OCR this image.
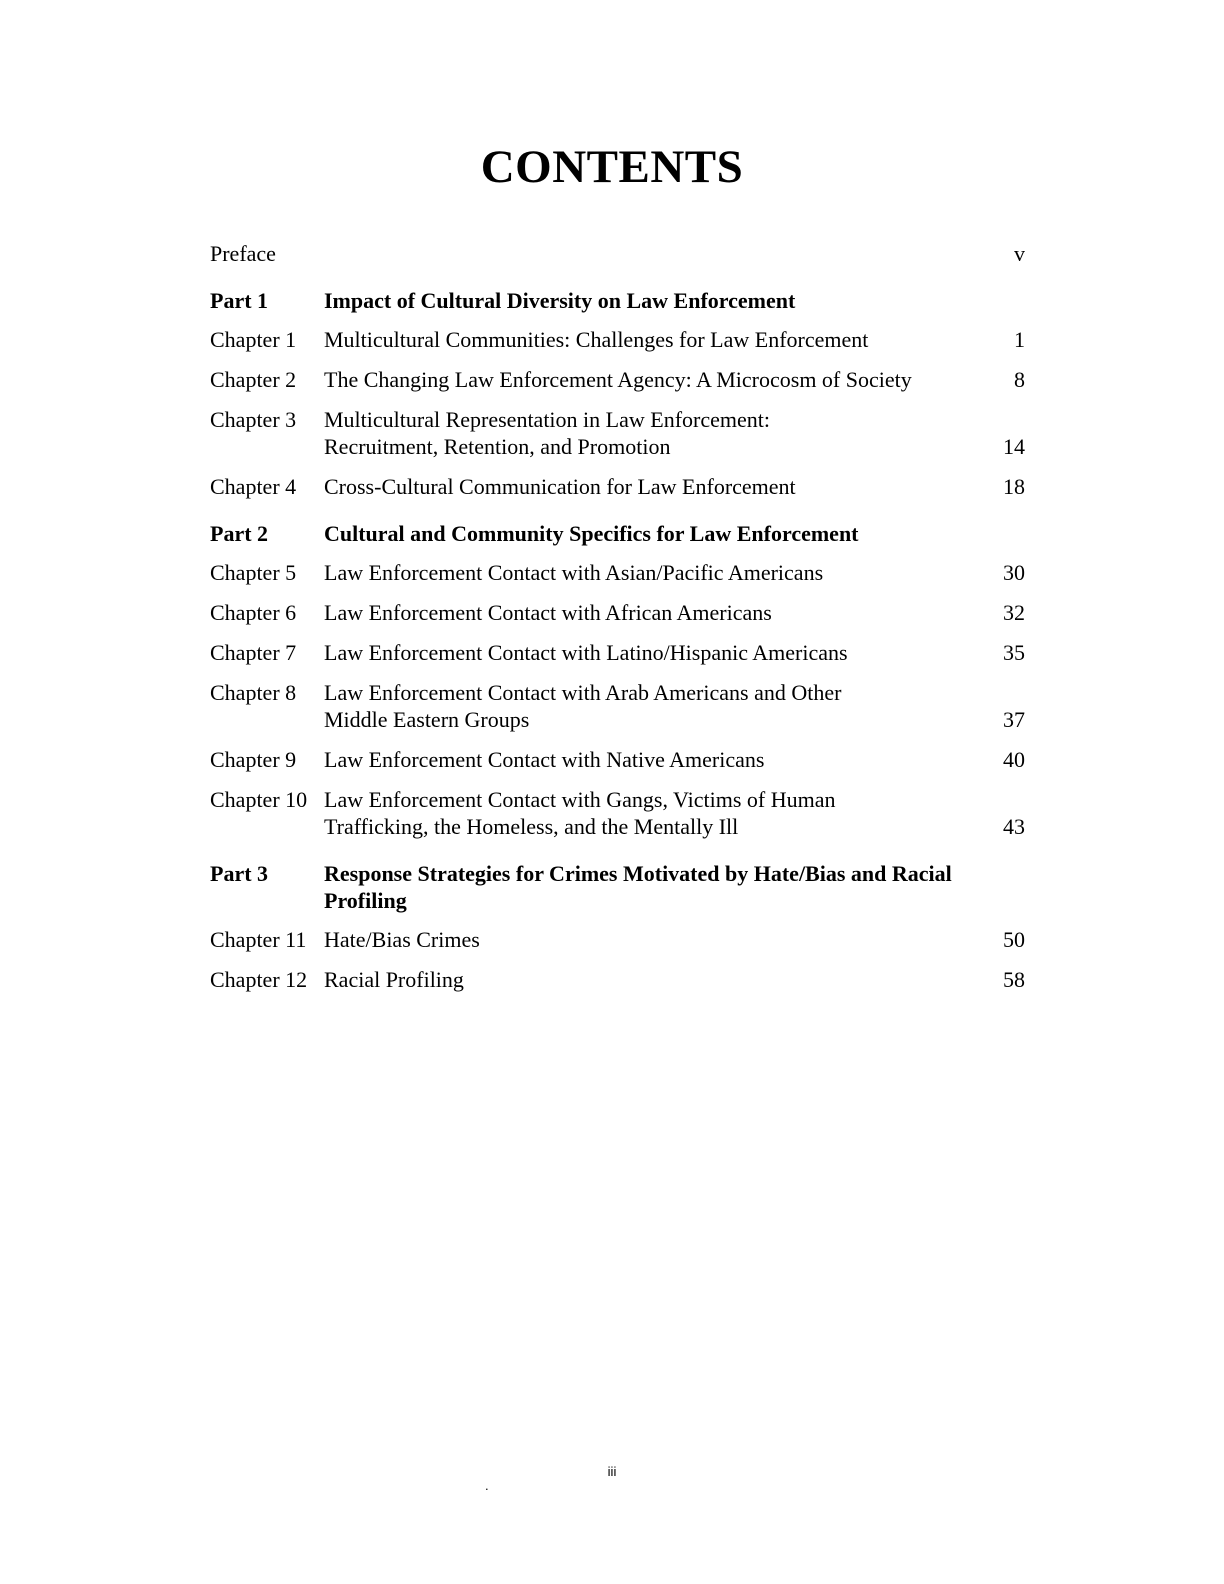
CONTENTS
Preface	v
Part 1	Impact of Cultural Diversity on Law Enforcement
Chapter 1	Multicultural Communities: Challenges for Law Enforcement	1
Chapter 2	The Changing Law Enforcement Agency: A Microcosm of Society	8
Chapter 3	Multicultural Representation in Law Enforcement:
Recruitment, Retention, and Promotion	14
Chapter 4	Cross-Cultural Communication for Law Enforcement	18
Part 2	Cultural and Community Specifics for Law Enforcement
Chapter 5	Law Enforcement Contact with Asian/Pacific Americans	30
Chapter 6	Law Enforcement Contact with African Americans	32
Chapter 7	Law Enforcement Contact with Latino/Hispanic Americans	35
Chapter 8	Law Enforcement Contact with Arab Americans and Other
Middle Eastern Groups	37
Chapter 9	Law Enforcement Contact with Native Americans	40
Chapter 10 Law Enforcement Contact with Gangs, Victims of Human
Trafficking, the Homeless, and the Mentally Ill	43
Part 3	Response Strategies for Crimes Motivated by Hate/Bias and Racial
Profiling
Chapter 11 Hate/Bias Crimes	50
Chapter 12 Racial Profiling	58
iii
.
